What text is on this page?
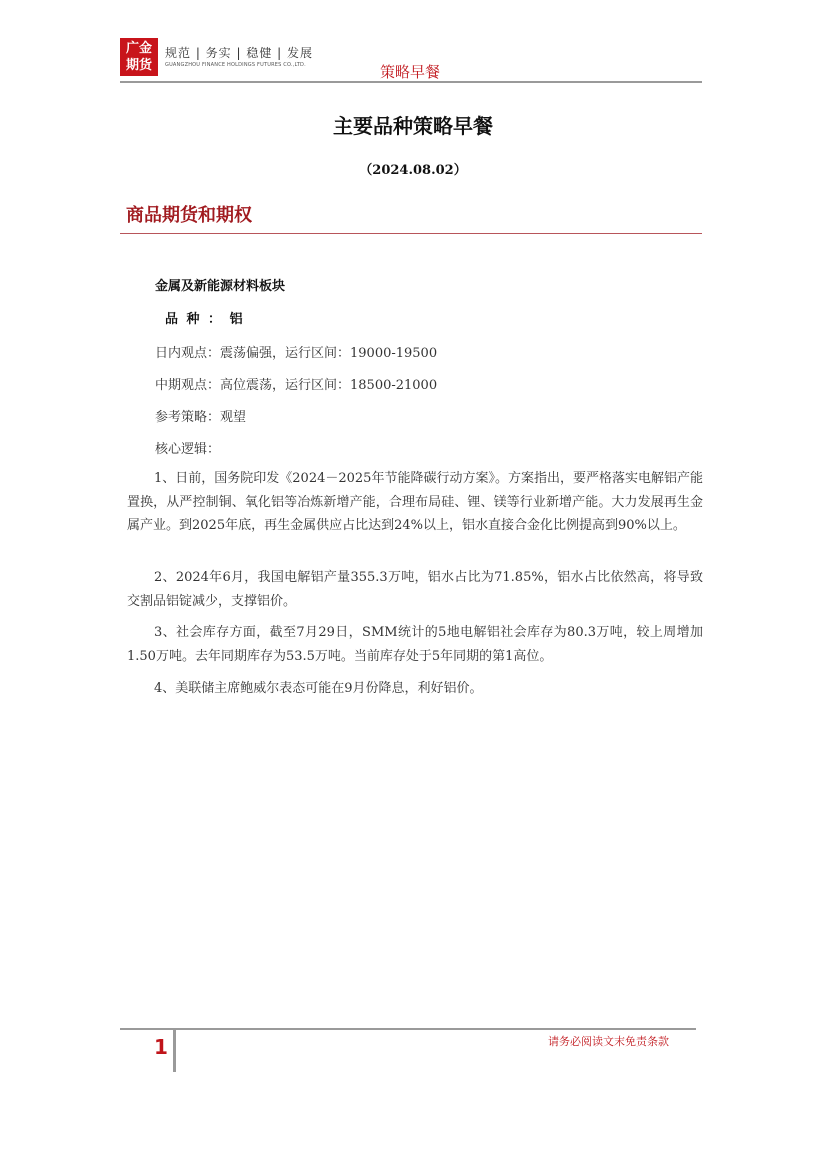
广金
期货
规范 | 务实 | 稳健 | 发展
GUANGZHOU FINANCE HOLDINGS FUTURES CO.,LTD.	策略早餐
主要品种策略早餐
（2024.08.02）
商品期货和期权
金属及新能源材料板块
品 种 ： 铝
日内观点：震荡偏强，运行区间：19000-19500
中期观点：高位震荡，运行区间：18500-21000
参考策略：观望
核心逻辑：
1、日前，国务院印发《2024－2025年节能降碳行动方案》。方案指出，要严格落实电解铝产能置换，从严控制铜、氧化铝等冶炼新增产能，合理布局硅、锂、镁等行业新增产能。大力发展再生金属产业。到2025年底，再生金属供应占比达到24%以上，铝水直接合金化比例提高到90%以上。
2、2024年6月，我国电解铝产量355.3万吨，铝水占比为71.85%，铝水占比依然高，将导致交割品铝锭减少，支撑铝价。
3、社会库存方面，截至7月29日，SMM统计的5地电解铝社会库存为80.3万吨，较上周增加1.50万吨。去年同期库存为53.5万吨。当前库存处于5年同期的第1高位。
4、美联储主席鲍威尔表态可能在9月份降息，利好铝价。
1	请务必阅读文末免责条款
